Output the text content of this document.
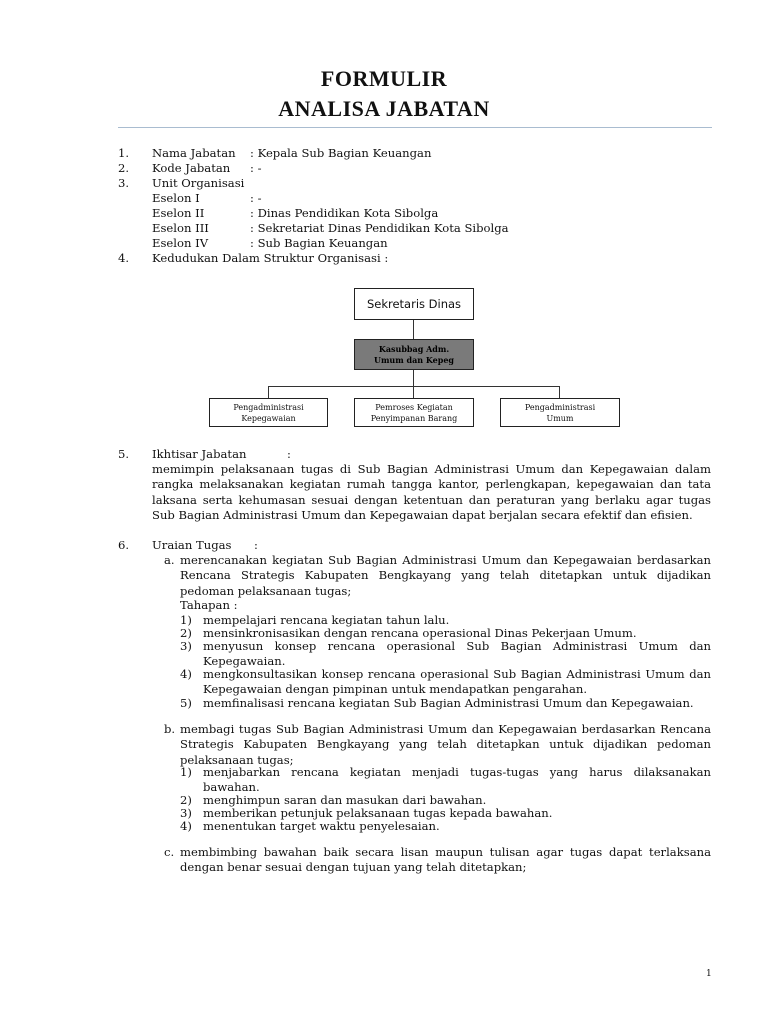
FORMULIR
ANALISA JABATAN
1. Nama Jabatan : Kepala Sub Bagian Keuangan
2. Kode Jabatan : -
3. Unit Organisasi
Eselon I	: -
Eselon II	: Dinas Pendidikan Kota Sibolga
Eselon III	: Sekretariat Dinas Pendidikan Kota Sibolga
Eselon IV	: Sub Bagian Keuangan
4. Kedudukan Dalam Struktur Organisasi :
Sekretaris Dinas
Kasubbag Adm.
Umum dan Kepeg
Pengadministrasi
Kepegawaian
Pemroses Kegiatan
Penyimpanan Barang
Pengadministrasi
Umum
5. Ikhtisar Jabatan	:
memimpin pelaksanaan tugas di Sub Bagian Administrasi Umum dan Kepegawaian dalam rangka melaksanakan kegiatan rumah tangga kantor, perlengkapan, kepegawaian dan tata laksana serta kehumasan sesuai dengan ketentuan dan peraturan yang berlaku agar tugas Sub Bagian Administrasi Umum dan Kepegawaian dapat berjalan secara efektif dan efisien.
6. Uraian Tugas :
a. merencanakan kegiatan Sub Bagian Administrasi Umum dan Kepegawaian berdasarkan Rencana Strategis Kabupaten Bengkayang yang telah ditetapkan untuk dijadikan pedoman pelaksanaan tugas;
Tahapan :
1) mempelajari rencana kegiatan tahun lalu.
2) mensinkronisasikan dengan rencana operasional Dinas Pekerjaan Umum.
3) menyusun konsep rencana operasional Sub Bagian Administrasi Umum dan Kepegawaian.
4) mengkonsultasikan konsep rencana operasional Sub Bagian Administrasi Umum dan Kepegawaian dengan pimpinan untuk mendapatkan pengarahan.
5) memfinalisasi rencana kegiatan Sub Bagian Administrasi Umum dan Kepegawaian.
b. membagi tugas Sub Bagian Administrasi Umum dan Kepegawaian berdasarkan Rencana Strategis Kabupaten Bengkayang yang telah ditetapkan untuk dijadikan pedoman pelaksanaan tugas;
1) menjabarkan rencana kegiatan menjadi tugas-tugas yang harus dilaksanakan bawahan.
2) menghimpun saran dan masukan dari bawahan.
3) memberikan petunjuk pelaksanaan tugas kepada bawahan.
4) menentukan target waktu penyelesaian.
c. membimbing bawahan baik secara lisan maupun tulisan agar tugas dapat terlaksana dengan benar sesuai dengan tujuan yang telah ditetapkan;
1
